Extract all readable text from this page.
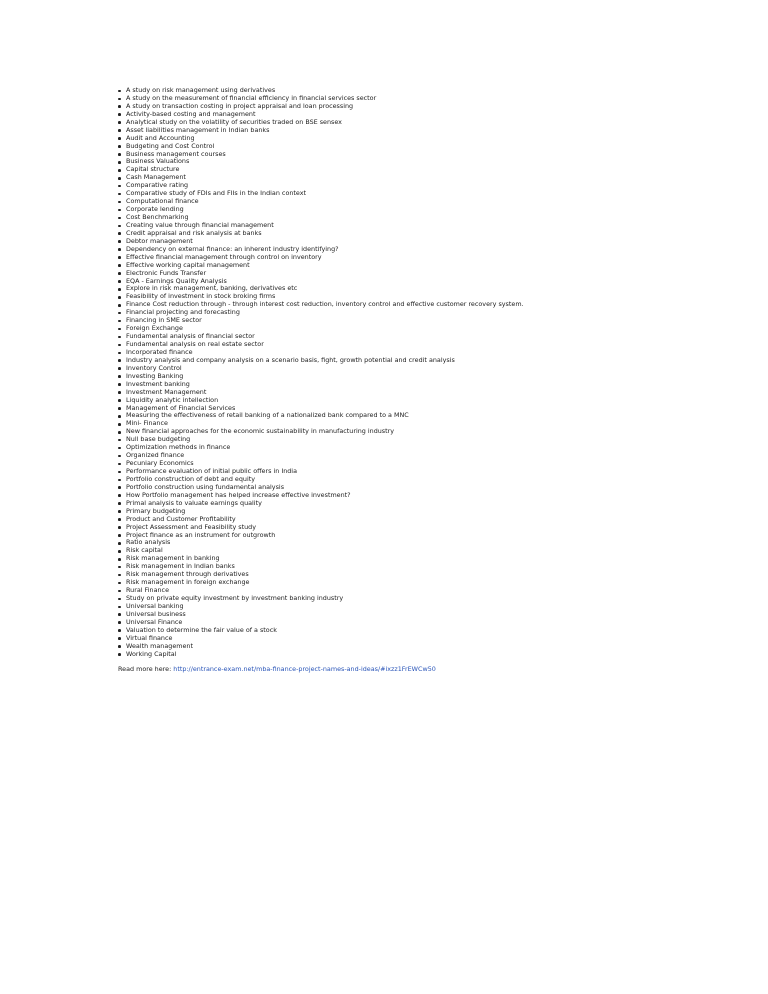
A study on risk management using derivatives
A study on the measurement of financial efficiency in financial services sector
A study on transaction costing in project appraisal and loan processing
Activity-based costing and management
Analytical study on the volatility of securities traded on BSE sensex
Asset liabilities management in Indian banks
Audit and Accounting
Budgeting and Cost Control
Business management courses
Business Valuations
Capital structure
Cash Management
Comparative rating
Comparative study of FDIs and FIIs in the Indian context
Computational finance
Corporate lending
Cost Benchmarking
Creating value through financial management
Credit appraisal and risk analysis at banks
Debtor management
Dependency on external finance: an inherent industry identifying?
Effective financial management through control on inventory
Effective working capital management
Electronic Funds Transfer
EQA - Earnings Quality Analysis
Explore in risk management, banking, derivatives etc
Feasibility of investment in stock broking firms
Finance Cost reduction through - through interest cost reduction, inventory control and effective customer recovery system.
Financial projecting and forecasting
Financing in SME sector
Foreign Exchange
Fundamental analysis of financial sector
Fundamental analysis on real estate sector
Incorporated finance
Industry analysis and company analysis on a scenario basis, fight, growth potential and credit analysis
Inventory Control
Investing Banking
Investment banking
Investment Management
Liquidity analytic intellection
Management of Financial Services
Measuring the effectiveness of retail banking of a nationalized bank compared to a MNC
Mini- Finance
New financial approaches for the economic sustainability in manufacturing industry
Null base budgeting
Optimization methods in finance
Organized finance
Pecuniary Economics
Performance evaluation of initial public offers in India
Portfolio construction of debt and equity
Portfolio construction using fundamental analysis
How Portfolio management has helped increase effective investment?
Primal analysis to valuate earnings quality
Primary budgeting
Product and Customer Profitability
Project Assessment and Feasibility study
Project finance as an instrument for outgrowth
Ratio analysis
Risk capital
Risk management in banking
Risk management in Indian banks
Risk management through derivatives
Risk management in foreign exchange
Rural Finance
Study on private equity investment by investment banking industry
Universal banking
Universal business
Universal Finance
Valuation to determine the fair value of a stock
Virtual finance
Wealth management
Working Capital
Read more here: http://entrance-exam.net/mba-finance-project-names-and-ideas/#ixzz1FrEWCw50
